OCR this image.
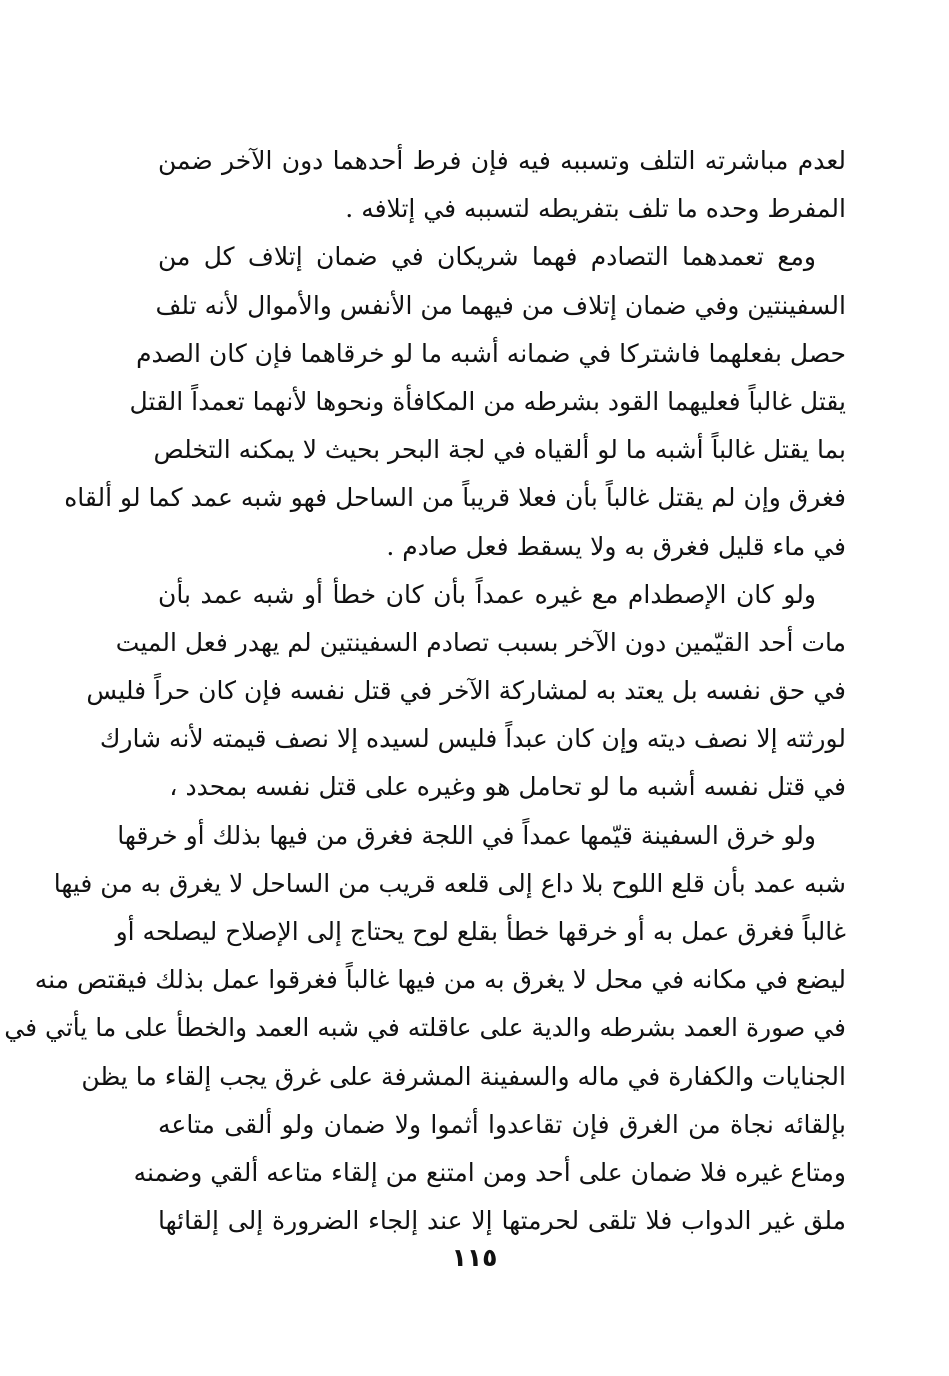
لعدم مباشرته التلف وتسببه فيه فإن فرط أحدهما دون الآخر ضمن
المفرط وحده ما تلف بتفريطه لتسببه في إتلافه .
ومع تعمدهما التصادم فهما شريكان في ضمان إتلاف كل من
السفينتين وفي ضمان إتلاف من فيهما من الأنفس والأموال لأنه تلف
حصل بفعلهما فاشتركا في ضمانه أشبه ما لو خرقاهما فإن كان الصدم
يقتل غالباً فعليهما القود بشرطه من المكافأة ونحوها لأنهما تعمداً القتل
بما يقتل غالباً أشبه ما لو ألقياه في لجة البحر بحيث لا يمكنه التخلص
فغرق وإن لم يقتل غالباً بأن فعلا قريباً من الساحل فهو شبه عمد كما لو ألقاه
في ماء قليل فغرق به ولا يسقط فعل صادم .
ولو كان الإصطدام مع غيره عمداً بأن كان خطأ أو شبه عمد بأن
مات أحد القيّمين دون الآخر بسبب تصادم السفينتين لم يهدر فعل الميت
في حق نفسه بل يعتد به لمشاركة الآخر في قتل نفسه فإن كان حراً فليس
لورثته إلا نصف ديته وإن كان عبداً فليس لسيده إلا نصف قيمته لأنه شارك
في قتل نفسه أشبه ما لو تحامل هو وغيره على قتل نفسه بمحدد ،
ولو خرق السفينة قيّمها عمداً في اللجة فغرق من فيها بذلك أو خرقها
شبه عمد بأن قلع اللوح بلا داع إلى قلعه قريب من الساحل لا يغرق به من فيها
غالباً فغرق عمل به أو خرقها خطأ بقلع لوح يحتاج إلى الإصلاح ليصلحه أو
ليضع في مكانه في محل لا يغرق به من فيها غالباً فغرقوا عمل بذلك فيقتص منه
في صورة العمد بشرطه والدية على عاقلته في شبه العمد والخطأ على ما يأتي في
الجنايات والكفارة في ماله والسفينة المشرفة على غرق يجب إلقاء ما يظن
بإلقائه نجاة من الغرق فإن تقاعدوا أثموا ولا ضمان ولو ألقى متاعه
ومتاع غيره فلا ضمان على أحد ومن امتنع من إلقاء متاعه ألقي وضمنه
ملق غير الدواب فلا تلقى لحرمتها إلا عند إلجاء الضرورة إلى إلقائها
١١٥
